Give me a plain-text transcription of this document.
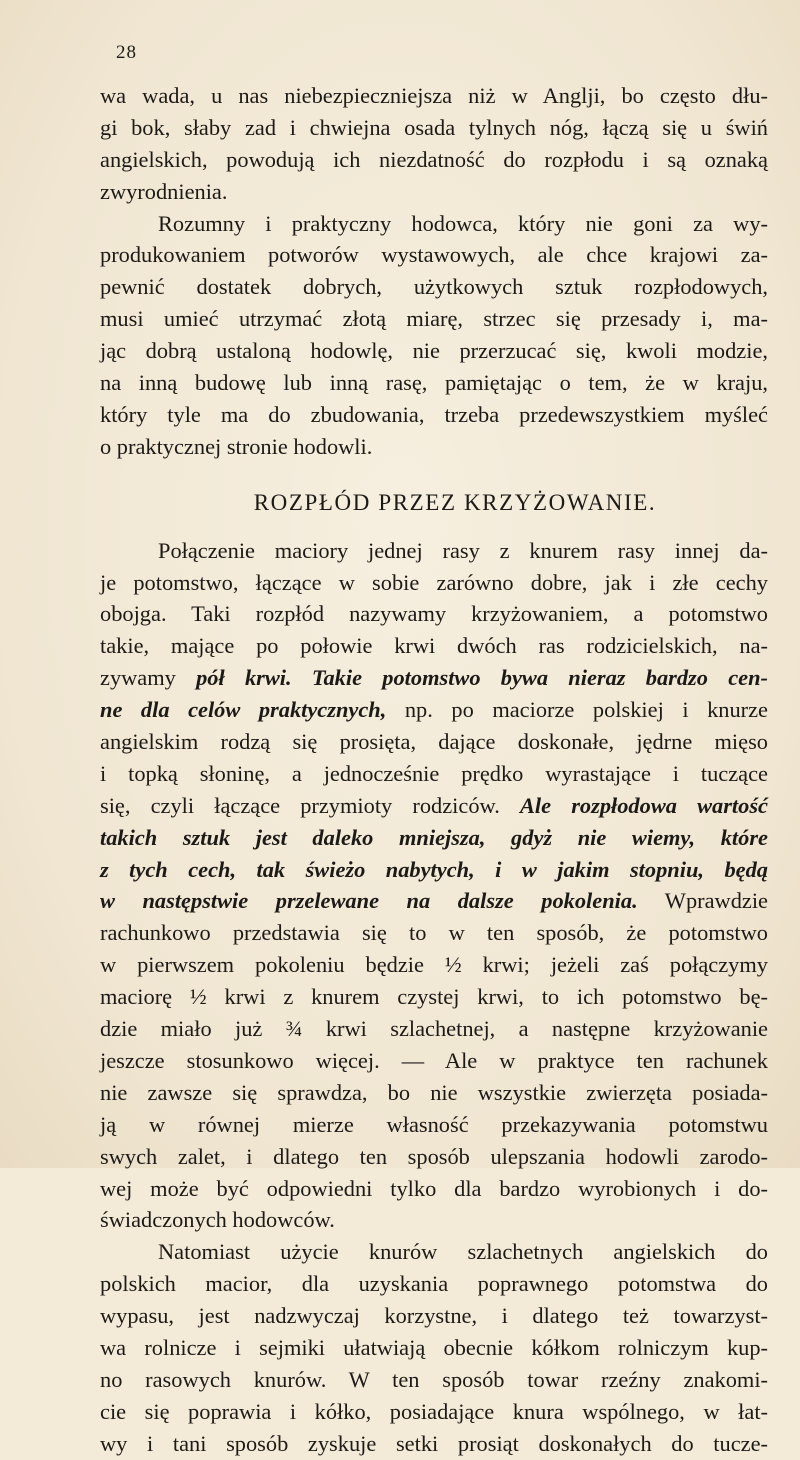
28
wa wada, u nas niebezpieczniejsza niż w Anglji, bo często dłu-
gi bok, słaby zad i chwiejna osada tylnych nóg, łączą się u świń
angielskich, powodują ich niezdatność do rozpłodu i są oznaką
zwyrodnienia.
Rozumny i praktyczny hodowca, który nie goni za wy-
produkowaniem potworów wystawowych, ale chce krajowi za-
pewnić dostatek dobrych, użytkowych sztuk rozpłodowych,
musi umieć utrzymać złotą miarę, strzec się przesady i, ma-
jąc dobrą ustaloną hodowlę, nie przerzucać się, kwoli modzie,
na inną budowę lub inną rasę, pamiętając o tem, że w kraju,
który tyle ma do zbudowania, trzeba przedewszystkiem myśleć
o praktycznej stronie hodowli.
ROZPŁÓD PRZEZ KRZYŻOWANIE.
Połączenie maciory jednej rasy z knurem rasy innej da-
je potomstwo, łączące w sobie zarówno dobre, jak i złe cechy
obojga. Taki rozpłód nazywamy krzyżowaniem, a potomstwo
takie, mające po połowie krwi dwóch ras rodzicielskich, na-
zywamy pół krwi. Takie potomstwo bywa nieraz bardzo cen-
ne dla celów praktycznych, np. po maciorze polskiej i knurze
angielskim rodzą się prosięta, dające doskonałe, jędrne mięso
i topką słoninę, a jednocześnie prędko wyrastające i tuczące
się, czyli łączące przymioty rodziców. Ale rozpłodowa wartość
takich sztuk jest daleko mniejsza, gdyż nie wiemy, które
z tych cech, tak świeżo nabytych, i w jakim stopniu, będą
w następstwie przelewane na dalsze pokolenia. Wprawdzie
rachunkowo przedstawia się to w ten sposób, że potomstwo
w pierwszem pokoleniu będzie ½ krwi; jeżeli zaś połączymy
maciorę ½ krwi z knurem czystej krwi, to ich potomstwo bę-
dzie miało już ¾ krwi szlachetnej, a następne krzyżowanie
jeszcze stosunkowo więcej. — Ale w praktyce ten rachunek
nie zawsze się sprawdza, bo nie wszystkie zwierzęta posiada-
ją w równej mierze własność przekazywania potomstwu
swych zalet, i dlatego ten sposób ulepszania hodowli zarodo-
wej może być odpowiedni tylko dla bardzo wyrobionych i do-
świadczonych hodowców.
Natomiast użycie knurów szlachetnych angielskich do
polskich macior, dla uzyskania poprawnego potomstwa do
wypasu, jest nadzwyczaj korzystne, i dlatego też towarzyst-
wa rolnicze i sejmiki ułatwiają obecnie kółkom rolniczym kup-
no rasowych knurów. W ten sposób towar rzeźny znakomi-
cie się poprawia i kółko, posiadające knura wspólnego, w łat-
wy i tani sposób zyskuje setki prosiąt doskonałych do tucze-
